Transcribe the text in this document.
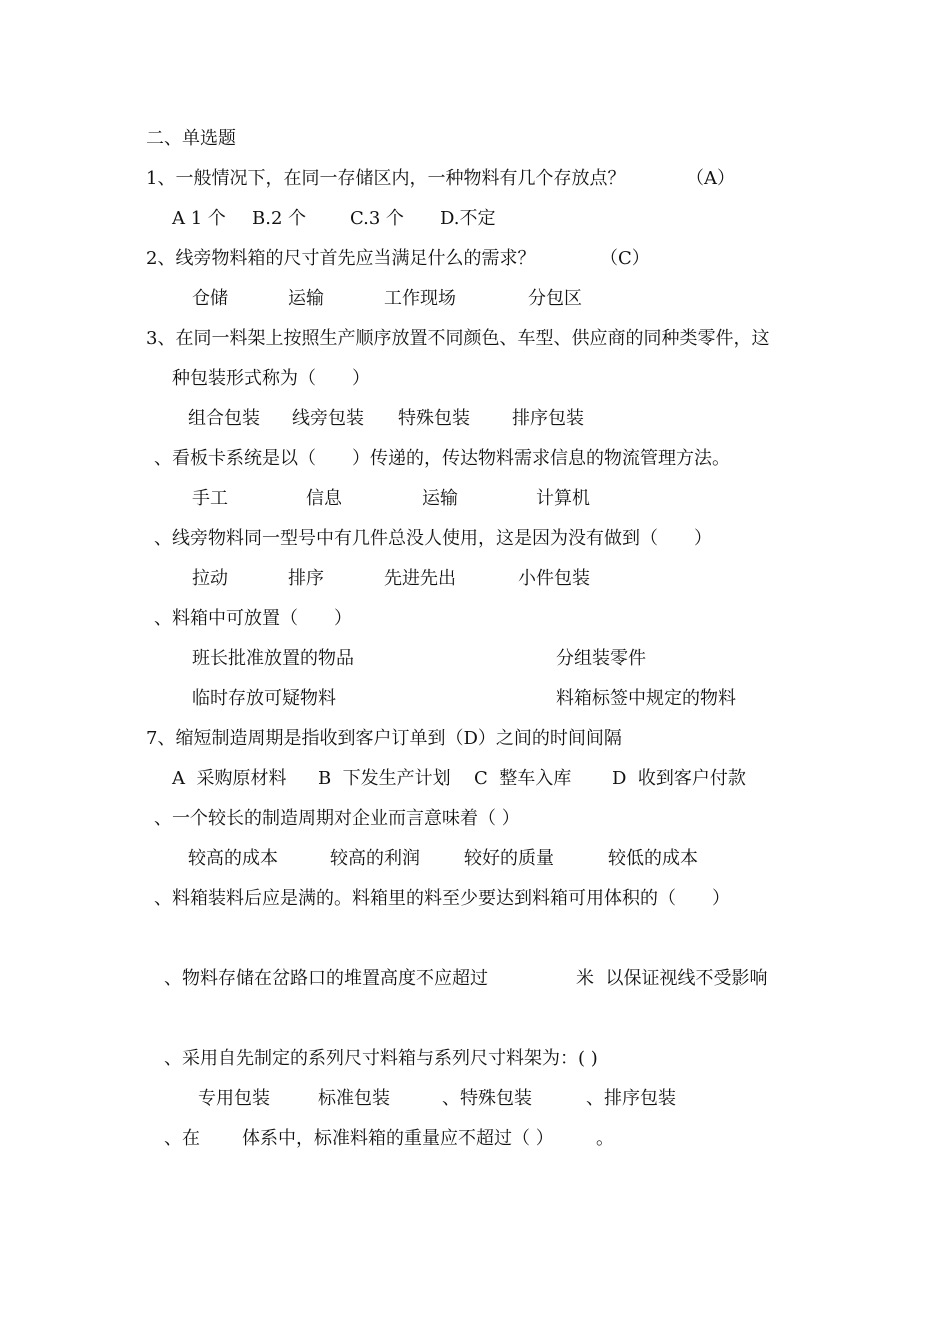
二、单选题
1、一般情况下，在同一存储区内，一种物料有几个存放点？	（A）
A 1 个 B.2 个 C.3 个 D.不定
2、线旁物料箱的尺寸首先应当满足什么的需求？	（C）
仓储	运输	工作现场	分包区
3、在同一料架上按照生产顺序放置不同颜色、车型、供应商的同种类零件，这
种包装形式称为（　　）
组合包装 线旁包装 特殊包装 排序包装
、看板卡系统是以（　　）传递的，传达物料需求信息的物流管理方法。
手工	信息	运输	计算机
、线旁物料同一型号中有几件总没人使用，这是因为没有做到（　　）
拉动	排序	先进先出	小件包装
、料箱中可放置（　　）
班长批准放置的物品	分组装零件
临时存放可疑物料	料箱标签中规定的物料
7、缩短制造周期是指收到客户订单到（D）之间的时间间隔
A  采购原材料 B  下发生产计划 C  整车入库 D  收到客户付款
、一个较长的制造周期对企业而言意味着（ ）
较高的成本	较高的利润 较好的质量	较低的成本
、料箱装料后应是满的。料箱里的料至少要达到料箱可用体积的（　　）
、物料存储在岔路口的堆置高度不应超过	米  以保证视线不受影响
、采用自先制定的系列尺寸料箱与系列尺寸料架为：( )
专用包装	标准包装	、特殊包装	、排序包装
、在 体系中，标准料箱的重量应不超过（ ） 。
